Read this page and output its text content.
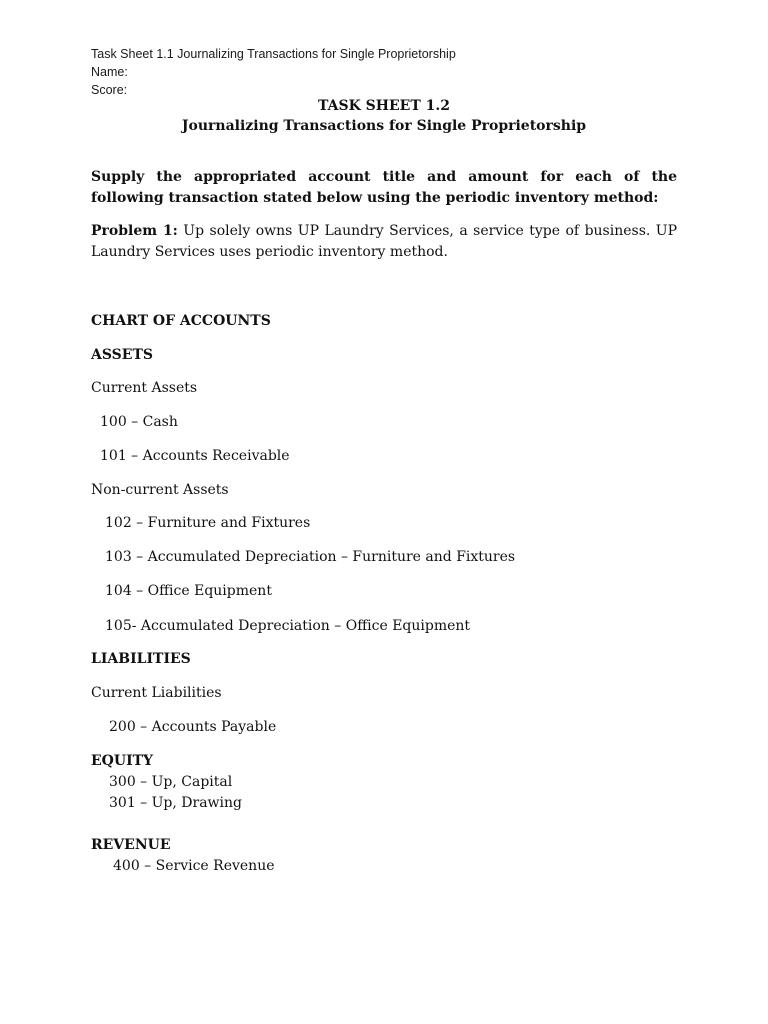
Task Sheet 1.1 Journalizing Transactions for Single Proprietorship
Name:
Score:
TASK SHEET 1.2
Journalizing Transactions for Single Proprietorship
Supply the appropriated account title and amount for each of the following transaction stated below using the periodic inventory method:
Problem 1: Up solely owns UP Laundry Services, a service type of business. UP Laundry Services uses periodic inventory method.
CHART OF ACCOUNTS
ASSETS
Current Assets
100 – Cash
101 – Accounts Receivable
Non-current Assets
102 – Furniture and Fixtures
103 – Accumulated Depreciation – Furniture and Fixtures
104 – Office Equipment
105- Accumulated Depreciation – Office Equipment
LIABILITIES
Current Liabilities
200 – Accounts Payable
EQUITY
300 – Up, Capital
301 – Up, Drawing
REVENUE
400 – Service Revenue
